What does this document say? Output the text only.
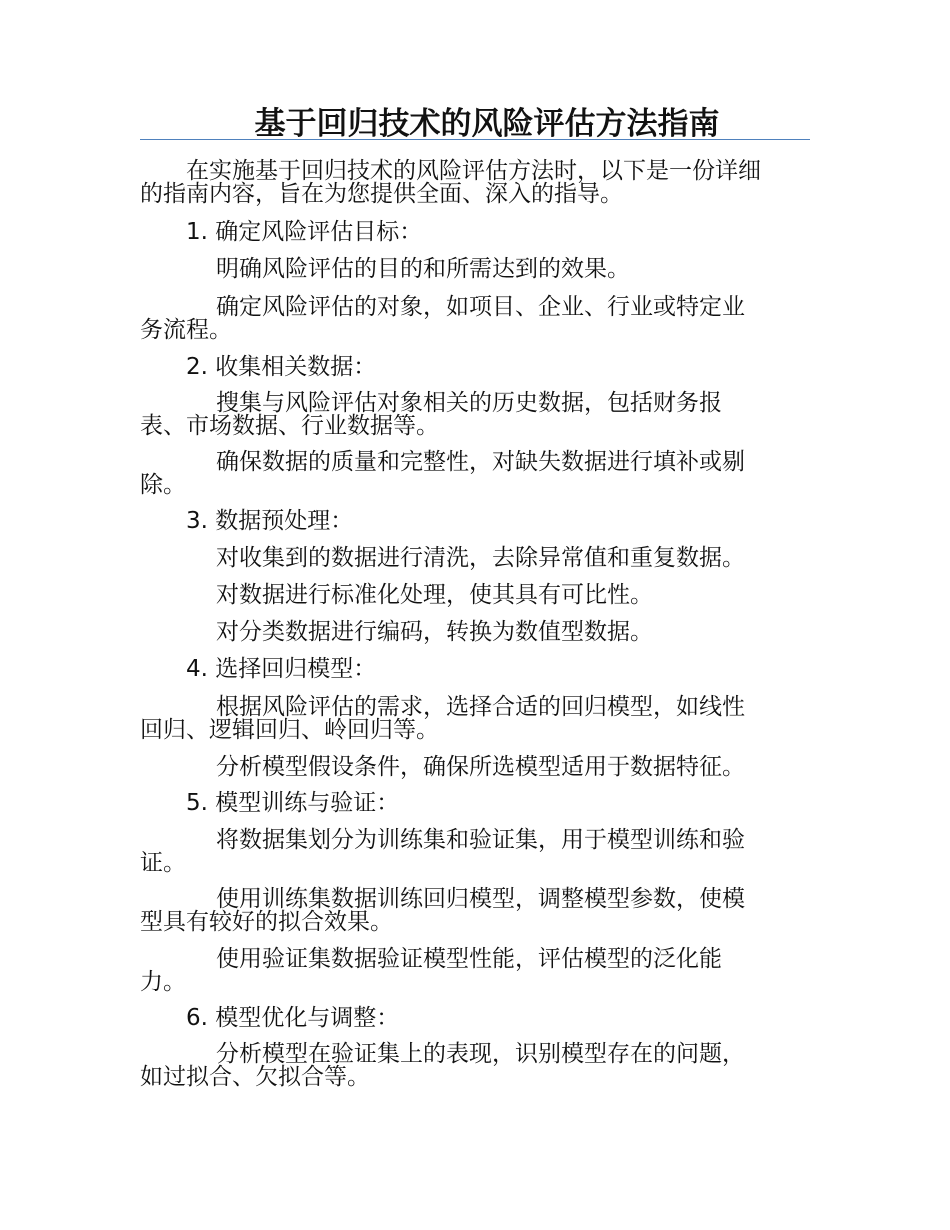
基于回归技术的风险评估方法指南
在实施基于回归技术的风险评估方法时，以下是一份详细
的指南内容，旨在为您提供全面、深入的指导。
1. 确定风险评估目标：
明确风险评估的目的和所需达到的效果。
确定风险评估的对象，如项目、企业、行业或特定业
务流程。
2. 收集相关数据：
搜集与风险评估对象相关的历史数据，包括财务报
表、市场数据、行业数据等。
确保数据的质量和完整性，对缺失数据进行填补或剔
除。
3. 数据预处理：
对收集到的数据进行清洗，去除异常值和重复数据。
对数据进行标准化处理，使其具有可比性。
对分类数据进行编码，转换为数值型数据。
4. 选择回归模型：
根据风险评估的需求，选择合适的回归模型，如线性
回归、逻辑回归、岭回归等。
分析模型假设条件，确保所选模型适用于数据特征。
5. 模型训练与验证：
将数据集划分为训练集和验证集，用于模型训练和验
证。
使用训练集数据训练回归模型，调整模型参数，使模
型具有较好的拟合效果。
使用验证集数据验证模型性能，评估模型的泛化能
力。
6. 模型优化与调整：
分析模型在验证集上的表现，识别模型存在的问题，
如过拟合、欠拟合等。
